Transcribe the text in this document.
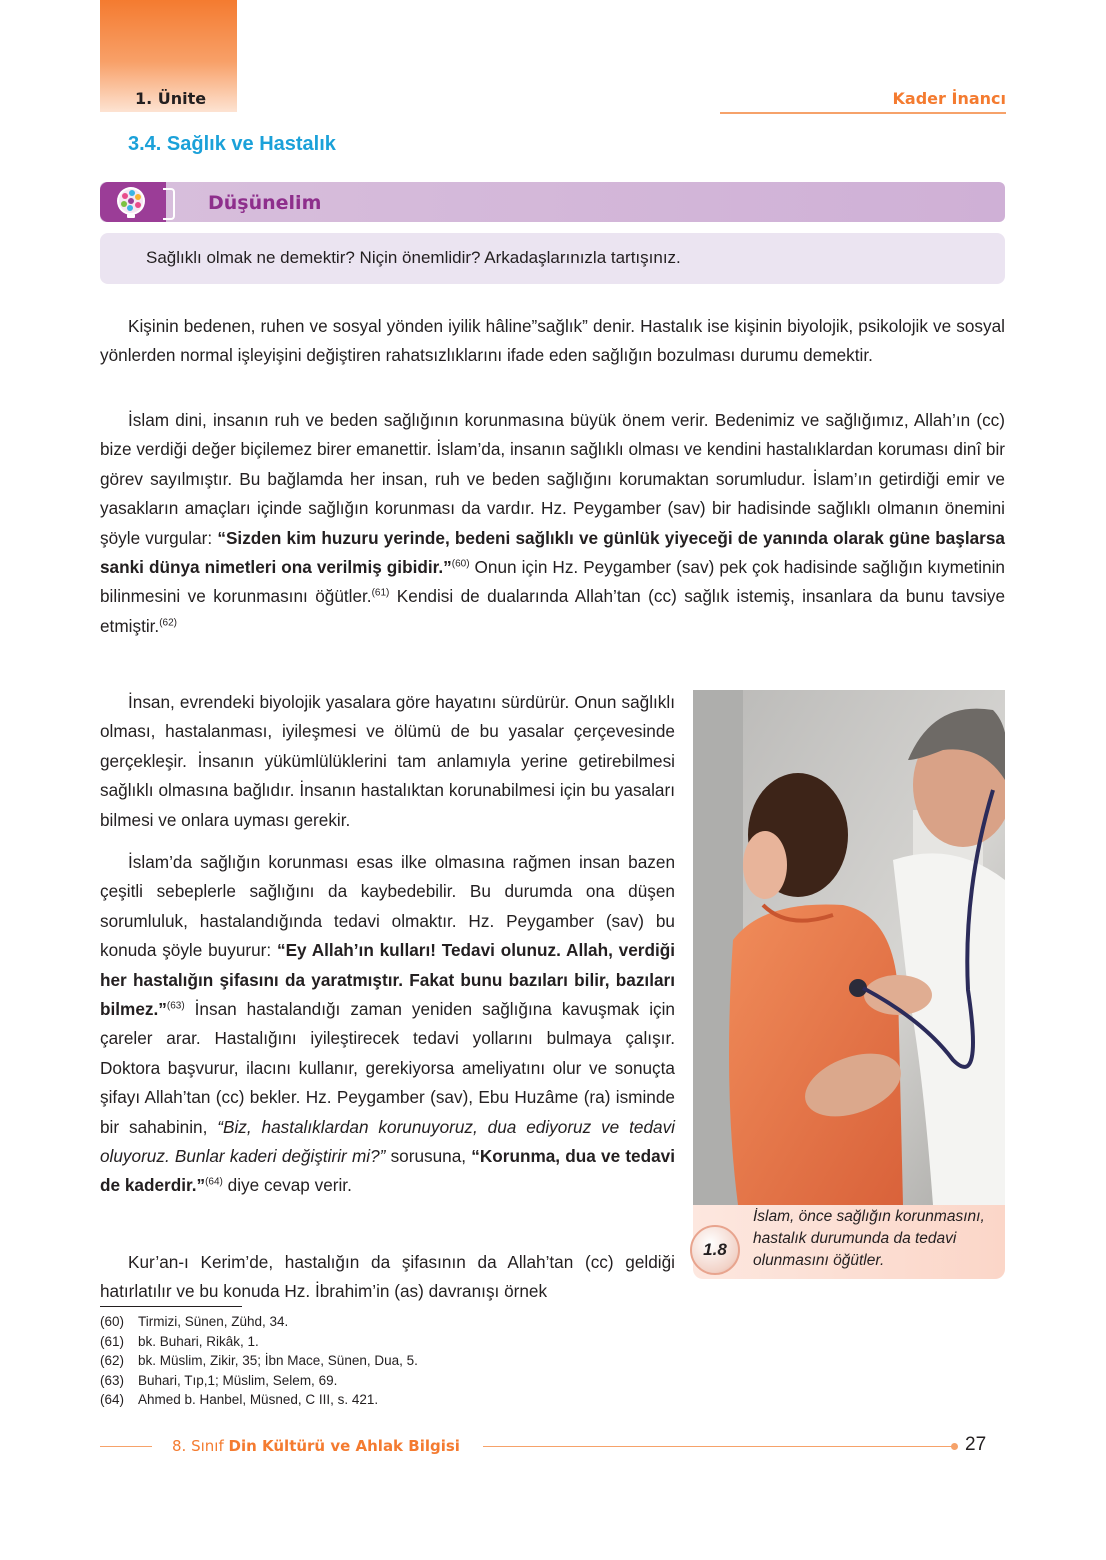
1. Ünite	Kader İnancı
3.4. Sağlık ve Hastalık
Düşünelim
Sağlıklı olmak ne demektir? Niçin önemlidir? Arkadaşlarınızla tartışınız.

Kişinin bedenen, ruhen ve sosyal yönden iyilik hâline”sağlık” denir. Hastalık ise kişinin biyolojik, psikolojik ve sosyal yönlerden normal işleyişini değiştiren rahatsızlıklarını ifade eden sağlığın bozulması durumu demektir.

İslam dini, insanın ruh ve beden sağlığının korunmasına büyük önem verir. Bedenimiz ve sağlığımız, Allah’ın (cc) bize verdiği değer biçilemez birer emanettir. İslam’da, insanın sağlıklı olması ve kendini hastalıklardan koruması dinî bir görev sayılmıştır. Bu bağlamda her insan, ruh ve beden sağlığını korumaktan sorumludur. İslam’ın getirdiği emir ve yasakların amaçları içinde sağlığın korunması da vardır. Hz. Peygamber (sav) bir hadisinde sağlıklı olmanın önemini şöyle vurgular: “Sizden kim huzuru yerinde, bedeni sağlıklı ve günlük yiyeceği de yanında olarak güne başlarsa sanki dünya nimetleri ona verilmiş gibidir.”$^{(60)}$ Onun için Hz. Peygamber (sav) pek çok hadisinde sağlığın kıymetinin bilinmesini ve korunmasını öğütler.$^{(61)}$ Kendisi de dualarında Allah’tan (cc) sağlık istemiş, insanlara da bunu tavsiye etmiştir.$^{(62)}$

İnsan, evrendeki biyolojik yasalara göre hayatını sürdürür. Onun sağlıklı olması, hastalanması, iyileşmesi ve ölümü de bu yasalar çerçevesinde gerçekleşir. İnsanın yükümlülüklerini tam anlamıyla yerine getirebilmesi sağlıklı olmasına bağlıdır. İnsanın hastalıktan korunabilmesi için bu yasaları bilmesi ve onlara uyması gerekir.

İslam’da sağlığın korunması esas ilke olmasına rağmen insan bazen çeşitli sebeplerle sağlığını da kaybedebilir. Bu durumda ona düşen sorumluluk, hastalandığında tedavi olmaktır. Hz. Peygamber (sav) bu konuda şöyle buyurur: “Ey Allah’ın kulları! Tedavi olunuz. Allah, verdiği her hastalığın şifasını da yaratmıştır. Fakat bunu bazıları bilir, bazıları bilmez.”$^{(63)}$ İnsan hastalandığı zaman yeniden sağlığına kavuşmak için çareler arar. Hastalığını iyileştirecek tedavi yollarını bulmaya çalışır. Doktora başvurur, ilacını kullanır, gerekiyorsa ameliyatını olur ve sonuçta şifayı Allah’tan (cc) bekler. Hz. Peygamber (sav), Ebu Huzâme (ra) isminde bir sahabinin, “Biz, hastalıklardan korunuyoruz, dua ediyoruz ve tedavi oluyoruz. Bunlar kaderi değiştirir mi?” sorusuna, “Korunma, dua ve tedavi de kaderdir.”$^{(64)}$ diye cevap verir.

Kur’an-ı Kerim’de, hastalığın da şifasının da Allah’tan (cc) geldiği hatırlatılır ve bu konuda Hz. İbrahim’in (as) davranışı örnek

1.8

İslam, önce sağlığın korunmasını, hastalık durumunda da tedavi olunmasını öğütler.

(60) Tirmizi, Sünen, Zühd, 34.
(61) bk. Buhari, Rikâk, 1.
(62) bk. Müslim, Zikir, 35; İbn Mace, Sünen, Dua, 5.
(63) Buhari, Tıp,1; Müslim, Selem, 69.
(64) Ahmed b. Hanbel, Müsned, C III, s. 421.
8. Sınıf Din Kültürü ve Ahlak Bilgisi	27
